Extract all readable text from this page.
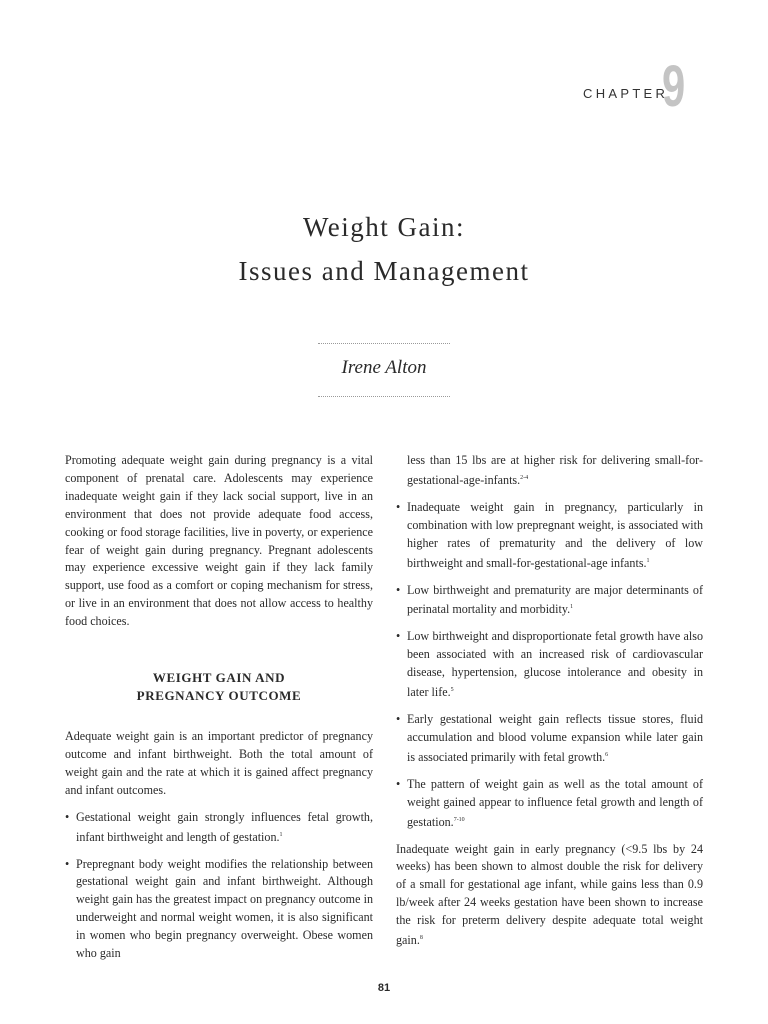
CHAPTER
9
Weight Gain:
Issues and Management
Irene Alton

Promoting adequate weight gain during pregnancy is a vital component of prenatal care. Adolescents may experience inadequate weight gain if they lack social support, live in an environment that does not provide adequate food access, cooking or food storage facilities, live in poverty, or experience fear of weight gain during pregnancy. Pregnant adolescents may experience excessive weight gain if they lack family support, use food as a comfort or coping mechanism for stress, or live in an environment that does not allow access to healthy food choices.

WEIGHT GAIN AND
PREGNANCY OUTCOME

Adequate weight gain is an important predictor of pregnancy outcome and infant birthweight. Both the total amount of weight gain and the rate at which it is gained affect pregnancy and infant outcomes.

• Gestational weight gain strongly influences fetal growth, infant birthweight and length of gestation.$^1$

• Prepregnant body weight modifies the relationship between gestational weight gain and infant birthweight. Although weight gain has the greatest impact on pregnancy outcome in underweight and normal weight women, it is also significant in women who begin pregnancy overweight. Obese women who gain

less than 15 lbs are at higher risk for delivering small-for-gestational-age-infants.$^{2-4}$

• Inadequate weight gain in pregnancy, particularly in combination with low prepregnant weight, is associated with higher rates of prematurity and the delivery of low birthweight and small-for-gestational-age infants.$^1$

• Low birthweight and prematurity are major determinants of perinatal mortality and morbidity.$^1$

• Low birthweight and disproportionate fetal growth have also been associated with an increased risk of cardiovascular disease, hypertension, glucose intolerance and obesity in later life.$^5$

• Early gestational weight gain reflects tissue stores, fluid accumulation and blood volume expansion while later gain is associated primarily with fetal growth.$^6$

• The pattern of weight gain as well as the total amount of weight gained appear to influence fetal growth and length of gestation.$^{7-10}$

Inadequate weight gain in early pregnancy (<9.5 lbs by 24 weeks) has been shown to almost double the risk for delivery of a small for gestational age infant, while gains less than 0.9 lb/week after 24 weeks gestation have been shown to increase the risk for preterm delivery despite adequate total weight gain.$^8$

81
